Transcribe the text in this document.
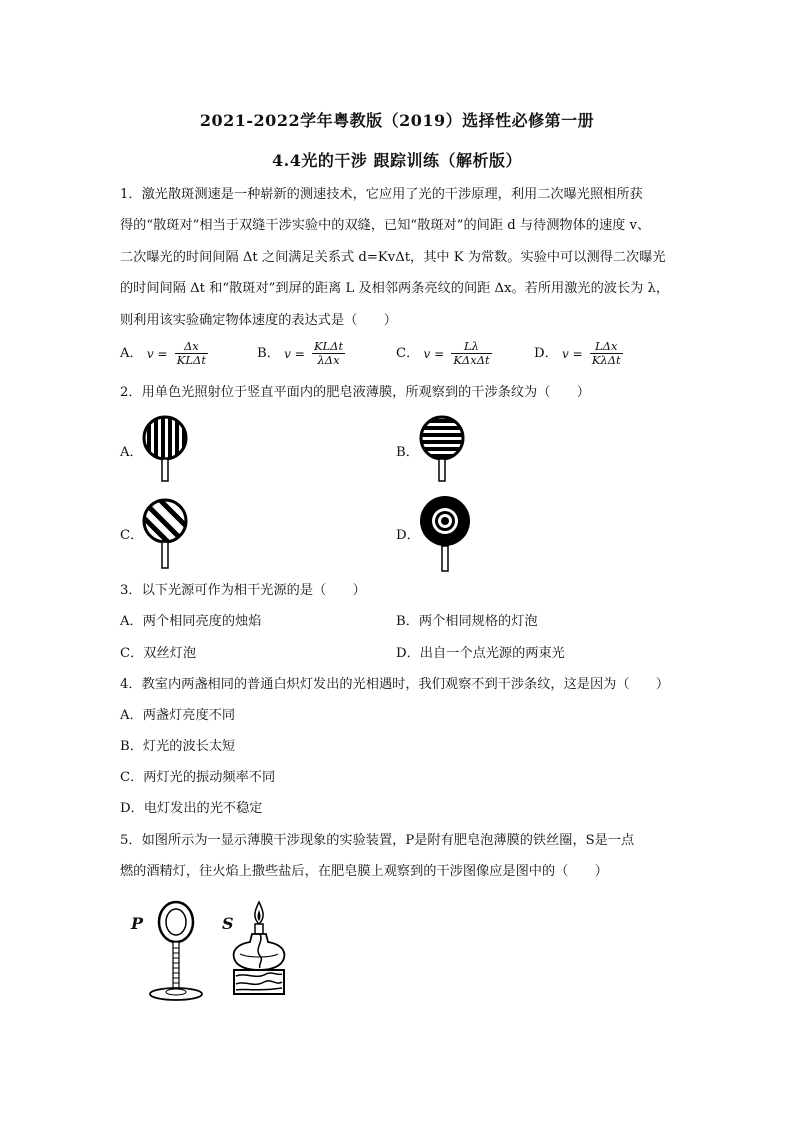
2021-2022学年粤教版（2019）选择性必修第一册
4.4光的干涉 跟踪训练（解析版）
1．激光散斑测速是一种崭新的测速技术，它应用了光的干涉原理，利用二次曝光照相所获
得的“散斑对”相当于双缝干涉实验中的双缝，已知“散斑对”的间距 d 与待测物体的速度 v、
二次曝光的时间间隔 Δt 之间满足关系式 d=KvΔt，其中 K 为常数。实验中可以测得二次曝光
的时间间隔 Δt 和“散斑对”到屏的距离 L 及相邻两条亮纹的间距 Δx。若所用激光的波长为 λ，
则利用该实验确定物体速度的表达式是（　　）
A． $v = \frac{\Delta x}{\text{KLΔt}}$	B． $v = \frac{\text{KLΔt}}{\text{λΔx}}$	C． $v = \frac{L\lambda}{\text{KΔxΔt}}$	D． $v = \frac{\text{LΔx}}{\text{KλΔt}}$
2．用单色光照射位于竖直平面内的肥皂液薄膜，所观察到的干涉条纹为（　　）
A．	B．
C．	D．
3．以下光源可作为相干光源的是（　　）
A．两个相同亮度的烛焰	B．两个相同规格的灯泡
C．双丝灯泡	D．出自一个点光源的两束光
4．教室内两盏相同的普通白炽灯发出的光相遇时，我们观察不到干涉条纹，这是因为（　　）
A．两盏灯亮度不同
B．灯光的波长太短
C．两灯光的振动频率不同
D．电灯发出的光不稳定
5．如图所示为一显示薄膜干涉现象的实验装置，P是附有肥皂泡薄膜的铁丝圈，S是一点
燃的酒精灯，往火焰上撒些盐后，在肥皂膜上观察到的干涉图像应是图中的（　　）
P	S
